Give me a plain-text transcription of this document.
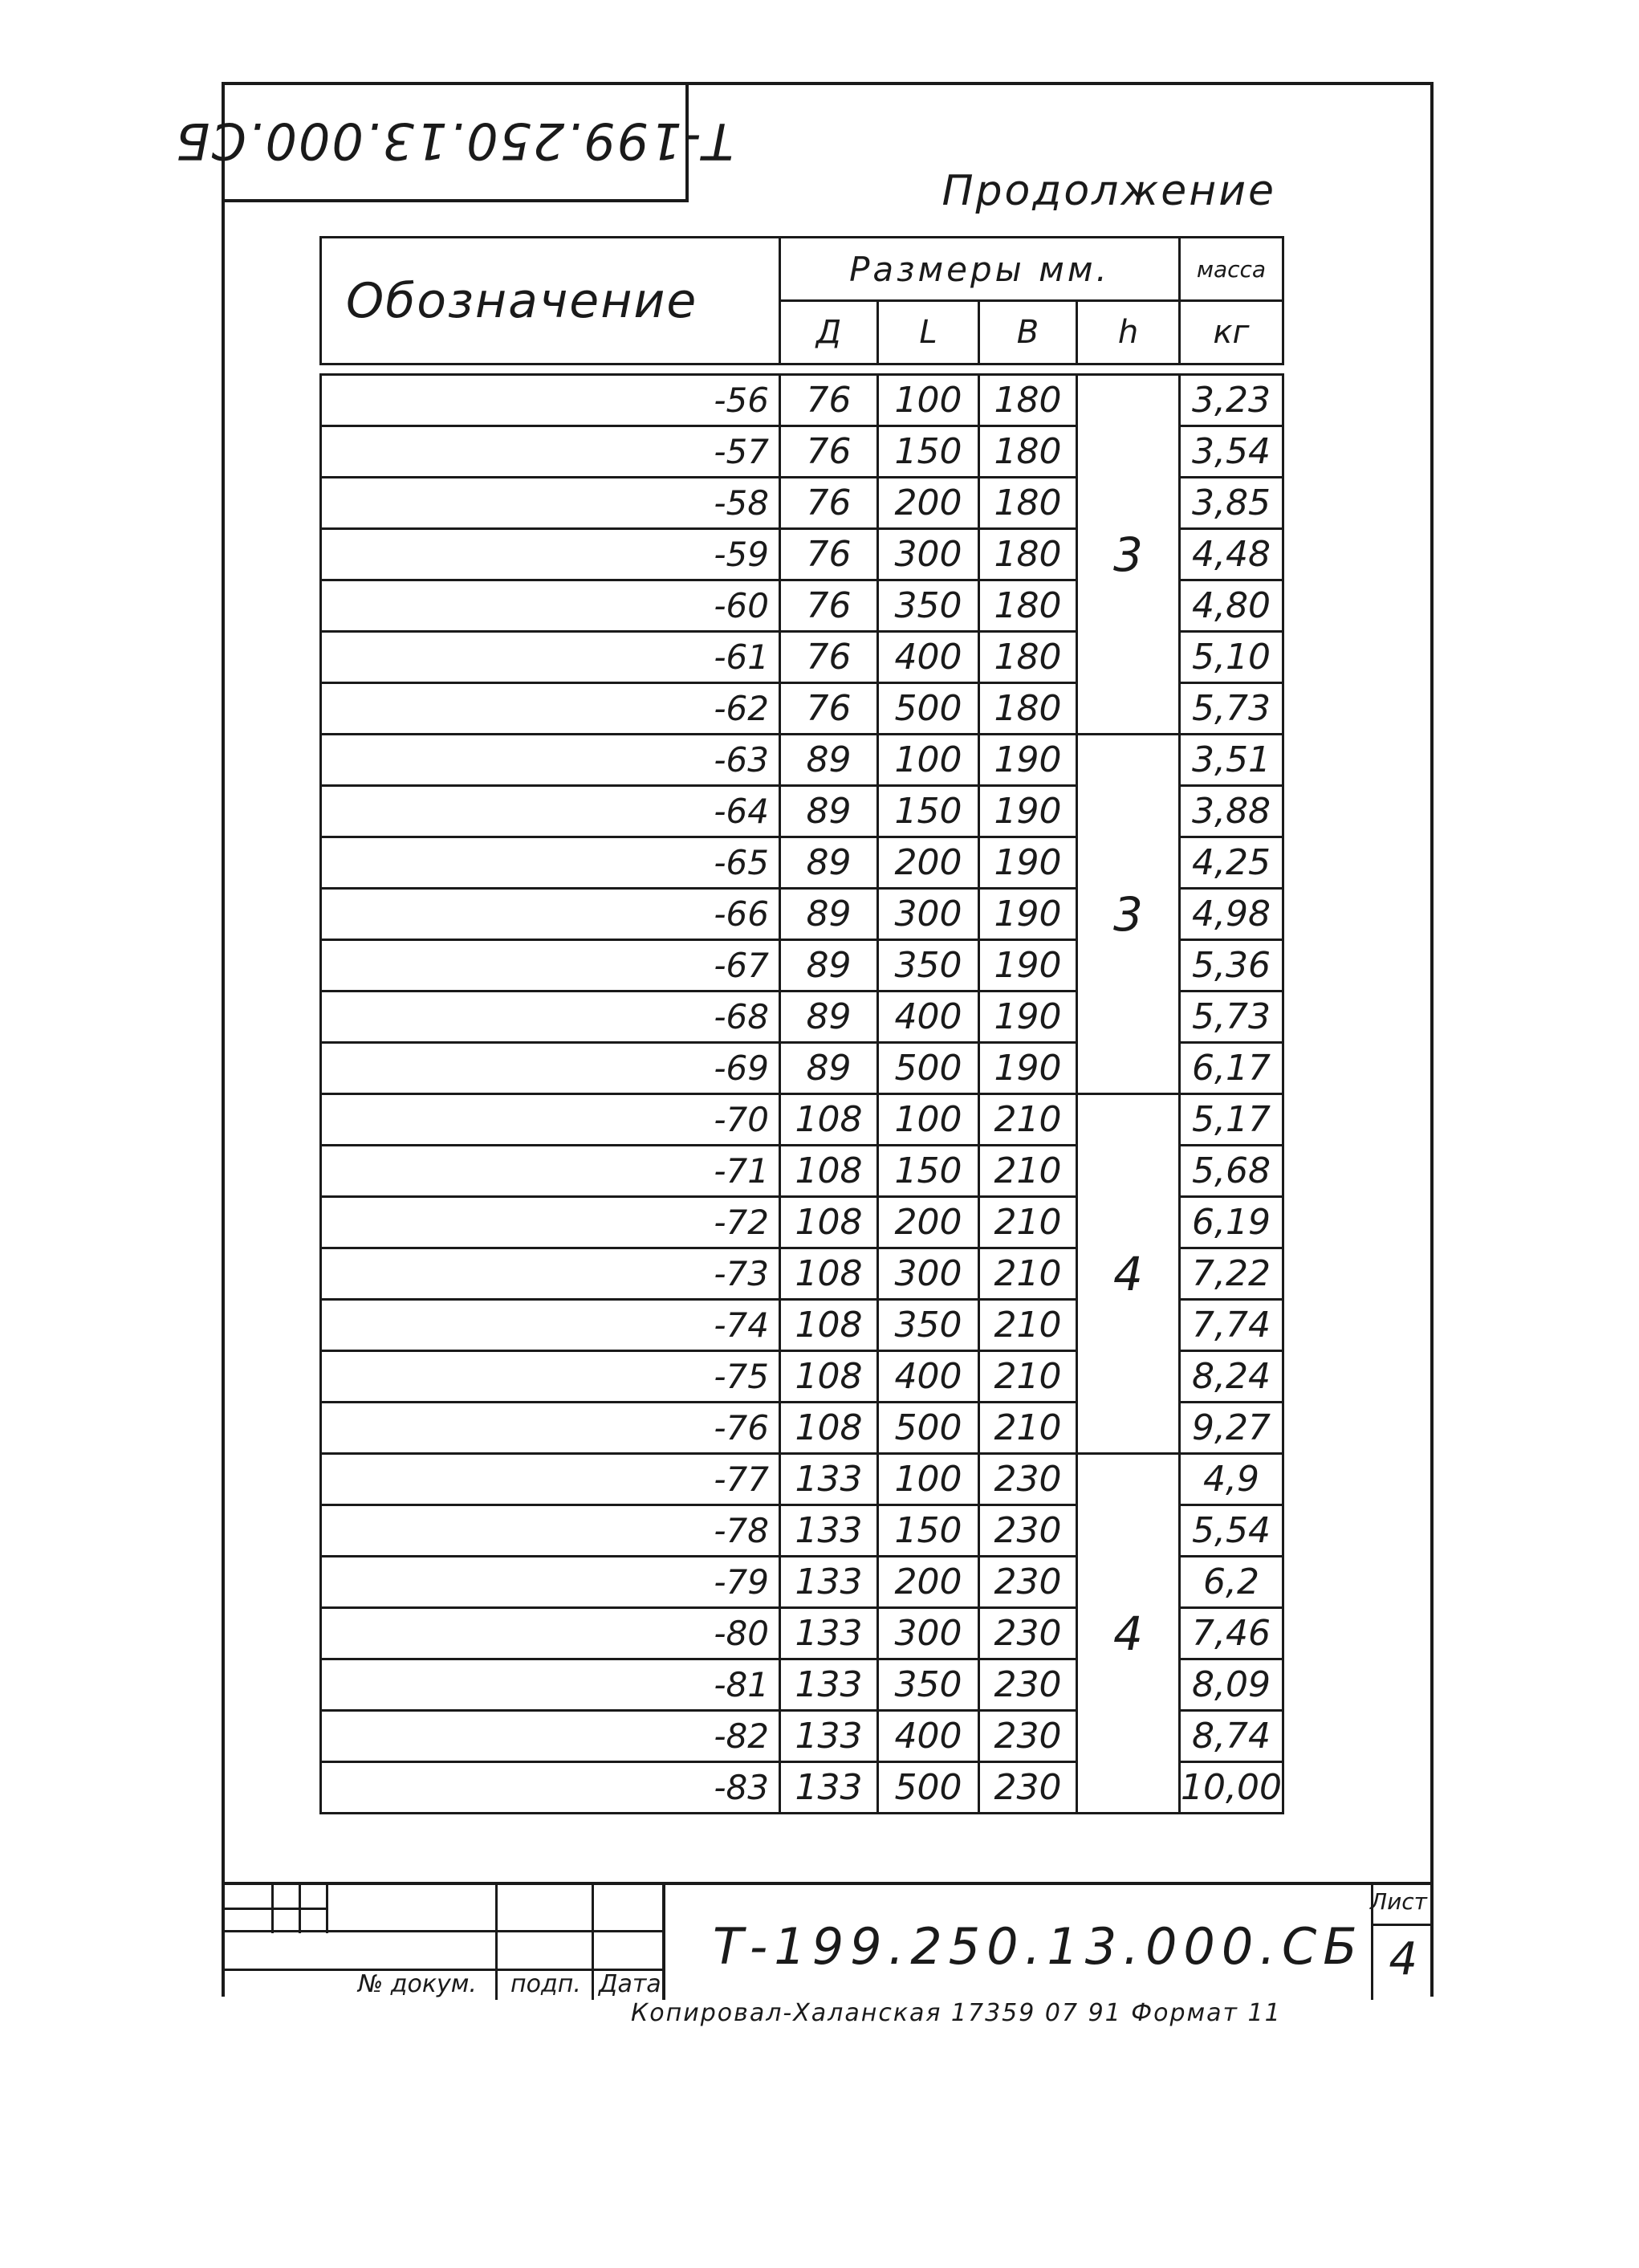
Т-199.250.13.000.СБ
Продолжение
Обозначение	Размеры мм.				масса
	Д	L	В	h	кг

-56	76	100	180	3	3,23
-57	76	150	180		3,54
-58	76	200	180		3,85
-59	76	300	180		4,48
-60	76	350	180		4,80
-61	76	400	180		5,10
-62	76	500	180		5,73
-63	89	100	190	3	3,51
-64	89	150	190		3,88
-65	89	200	190		4,25
-66	89	300	190		4,98
-67	89	350	190		5,36
-68	89	400	190		5,73
-69	89	500	190		6,17
-70	108	100	210	4	5,17
-71	108	150	210		5,68
-72	108	200	210		6,19
-73	108	300	210		7,22
-74	108	350	210		7,74
-75	108	400	210		8,24
-76	108	500	210		9,27
-77	133	100	230	4	4,9
-78	133	150	230		5,54
-79	133	200	230		6,2
-80	133	300	230		7,46
-81	133	350	230		8,09
-82	133	400	230		8,74
-83	133	500	230		10,00
№ докум. подп. Дата
Т-199.250.13.000.СБ
Лист
4
Копировал-Халанская 17359 07 91 Формат 11
